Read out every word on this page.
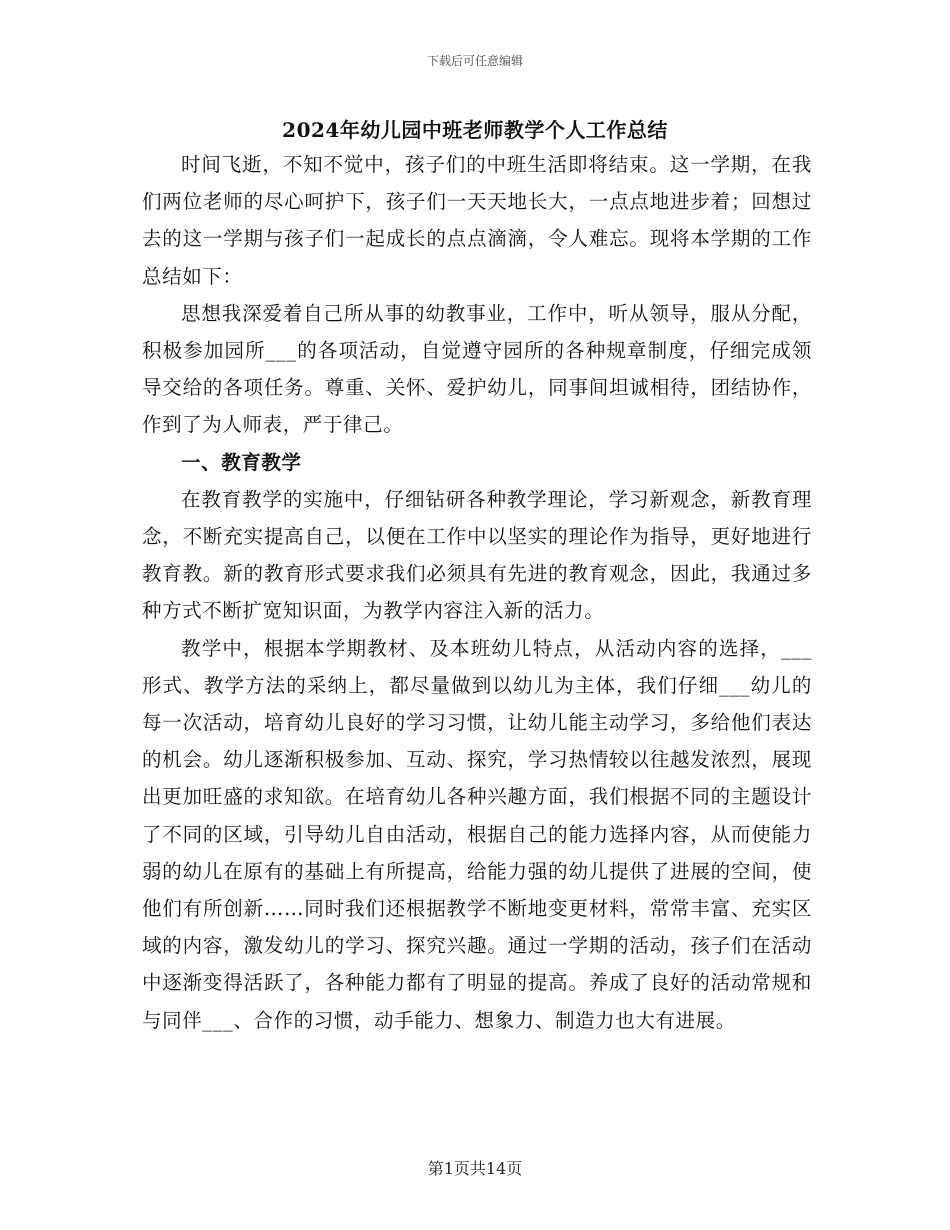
下载后可任意编辑
2024年幼儿园中班老师教学个人工作总结

时间飞逝，不知不觉中，孩子们的中班生活即将结束。这一学期，在我们两位老师的尽心呵护下，孩子们一天天地长大，一点点地进步着；回想过去的这一学期与孩子们一起成长的点点滴滴，令人难忘。现将本学期的工作总结如下：

思想我深爱着自己所从事的幼教事业，工作中，听从领导，服从分配，积极参加园所___的各项活动，自觉遵守园所的各种规章制度，仔细完成领导交给的各项任务。尊重、关怀、爱护幼儿，同事间坦诚相待，团结协作，作到了为人师表，严于律己。

一、教育教学

在教育教学的实施中，仔细钻研各种教学理论，学习新观念，新教育理念，不断充实提高自己，以便在工作中以坚实的理论作为指导，更好地进行教育教。新的教育形式要求我们必须具有先进的教育观念，因此，我通过多种方式不断扩宽知识面，为教学内容注入新的活力。

教学中，根据本学期教材、及本班幼儿特点，从活动内容的选择，___形式、教学方法的采纳上，都尽量做到以幼儿为主体，我们仔细___幼儿的每一次活动，培育幼儿良好的学习习惯，让幼儿能主动学习，多给他们表达的机会。幼儿逐渐积极参加、互动、探究，学习热情较以往越发浓烈，展现出更加旺盛的求知欲。在培育幼儿各种兴趣方面，我们根据不同的主题设计了不同的区域，引导幼儿自由活动，根据自己的能力选择内容，从而使能力弱的幼儿在原有的基础上有所提高，给能力强的幼儿提供了进展的空间，使他们有所创新……同时我们还根据教学不断地变更材料，常常丰富、充实区域的内容，激发幼儿的学习、探究兴趣。通过一学期的活动，孩子们在活动中逐渐变得活跃了，各种能力都有了明显的提高。养成了良好的活动常规和与同伴___、合作的习惯，动手能力、想象力、制造力也大有进展。

第1页共14页
